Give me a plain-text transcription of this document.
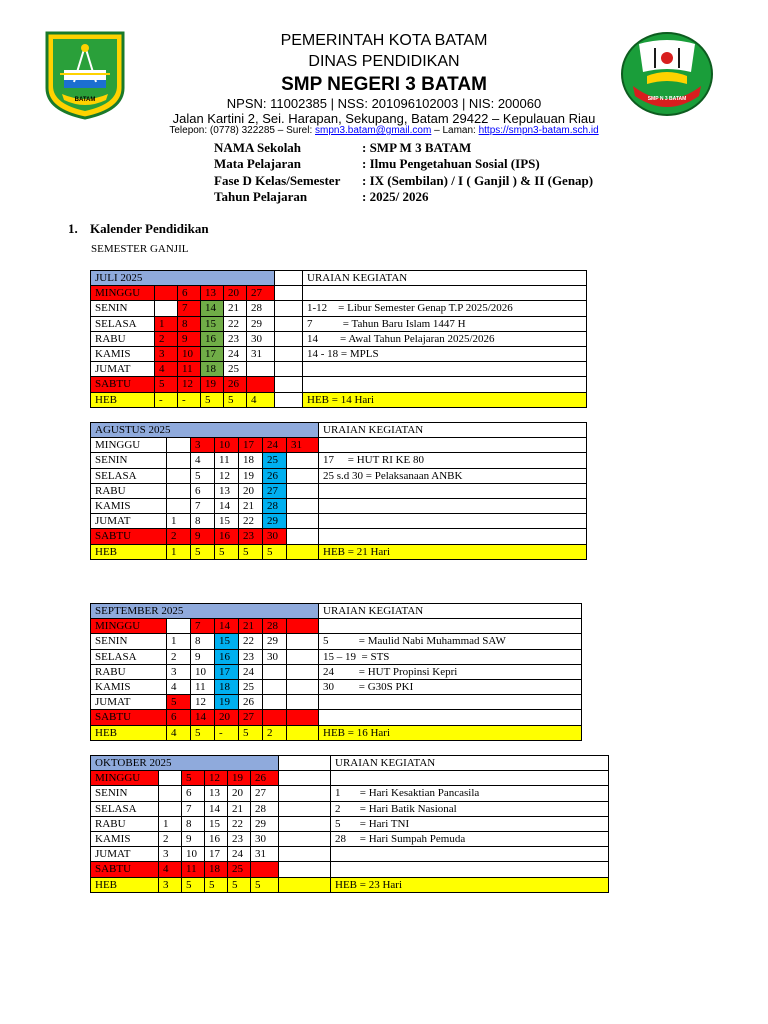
BATAM	SMP N 3 BATAM
PEMERINTAH KOTA BATAM
DINAS PENDIDIKAN
SMP NEGERI 3 BATAM
NPSN: 11002385 | NSS: 201096102003 | NIS: 200060
Jalan Kartini 2, Sei. Harapan, Sekupang, Batam 29422 – Kepulauan Riau
Telepon: (0778) 322285 – Surel: smpn3.batam@gmail.com – Laman: https://smpn3-batam.sch.id
NAMA Sekolah	: SMP M 3 BATAM
Mata Pelajaran	: Ilmu Pengetahuan Sosial (IPS)
Fase D Kelas/Semester : IX (Sembilan) / I ( Ganjil ) & II (Genap)
Tahun Pelajaran	: 2025/ 2026
1. Kalender Pendidikan
SEMESTER GANJIL
JULI 2025							URAIAN KEGIATAN
MINGGU		6	13	20	27		
SENIN		7	14	21	28		1-12    = Libur Semester Genap T.P 2025/2026
SELASA	1	8	15	22	29		7           = Tahun Baru Islam 1447 H
RABU	2	9	16	23	30		14        = Awal Tahun Pelajaran 2025/2026
KAMIS	3	10	17	24	31		14 - 18 = MPLS
JUMAT	4	11	18	25			
SABTU	5	12	19	26			
HEB	-	-	5	5	4		HEB = 14 Hari
AGUSTUS 2025							URAIAN KEGIATAN
MINGGU		3	10	17	24	31	
SENIN		4	11	18	25		17     = HUT RI KE 80
SELASA		5	12	19	26		25 s.d 30 = Pelaksanaan ANBK
RABU		6	13	20	27		
KAMIS		7	14	21	28		
JUMAT	1	8	15	22	29		
SABTU	2	9	16	23	30		
HEB	1	5	5	5	5		HEB = 21 Hari
SEPTEMBER 2025							URAIAN KEGIATAN
MINGGU		7	14	21	28		
SENIN	1	8	15	22	29		5           = Maulid Nabi Muhammad SAW
SELASA	2	9	16	23	30		15 – 19  = STS
RABU	3	10	17	24			24         = HUT Propinsi Kepri
KAMIS	4	11	18	25			30         = G30S PKI
JUMAT	5	12	19	26			
SABTU	6	14	20	27			
HEB	4	5	-	5	2		HEB = 16 Hari
OKTOBER 2025							URAIAN KEGIATAN
MINGGU		5	12	19	26		
SENIN		6	13	20	27		1       = Hari Kesaktian Pancasila
SELASA		7	14	21	28		2       = Hari Batik Nasional
RABU	1	8	15	22	29		5       = Hari TNI
KAMIS	2	9	16	23	30		28     = Hari Sumpah Pemuda
JUMAT	3	10	17	24	31		
SABTU	4	11	18	25			
HEB	3	5	5	5	5		HEB = 23 Hari
